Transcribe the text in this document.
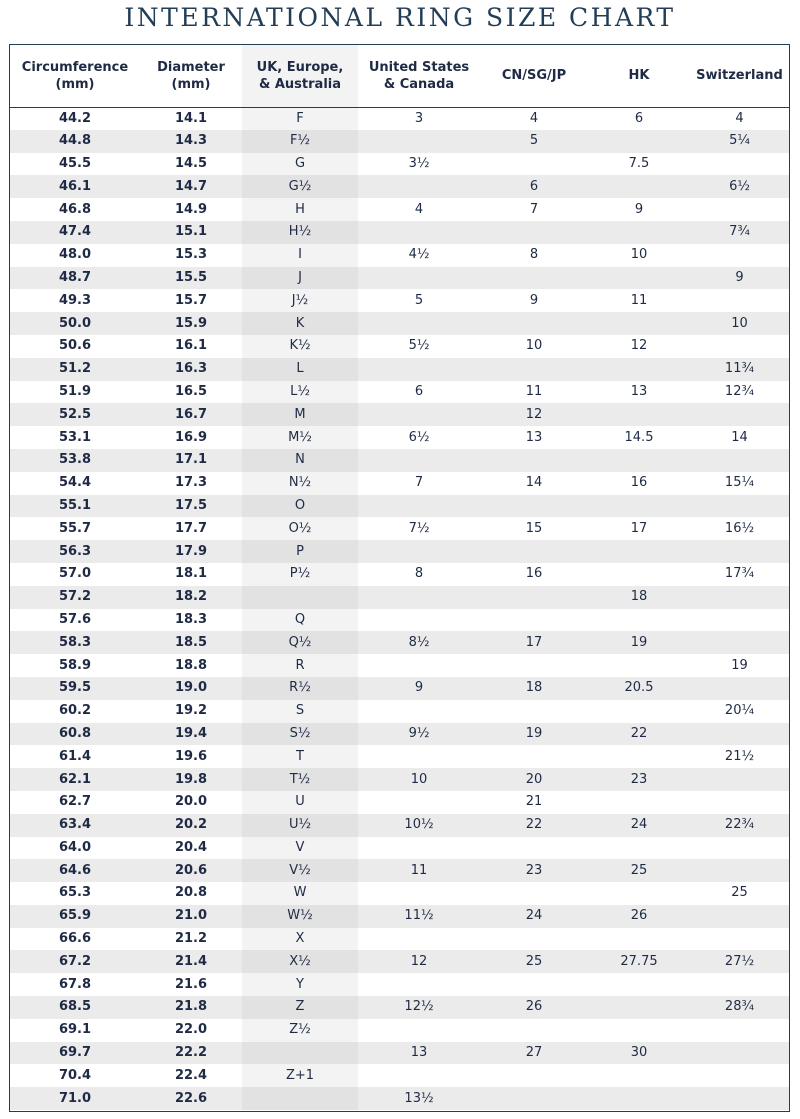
INTERNATIONAL RING SIZE CHART
Circumference
(mm)	Diameter
(mm)	UK, Europe,
& Australia	United States
& Canada	CN/SG/JP	HK	Switzerland
44.2	14.1	F	3	4	6	4
44.8	14.3	F½		5		5¼
45.5	14.5	G	3½		7.5	
46.1	14.7	G½		6		6½
46.8	14.9	H	4	7	9	
47.4	15.1	H½				7¾
48.0	15.3	I	4½	8	10	
48.7	15.5	J				9
49.3	15.7	J½	5	9	11	
50.0	15.9	K				10
50.6	16.1	K½	5½	10	12	
51.2	16.3	L				11¾
51.9	16.5	L½	6	11	13	12¾
52.5	16.7	M		12		
53.1	16.9	M½	6½	13	14.5	14
53.8	17.1	N				
54.4	17.3	N½	7	14	16	15¼
55.1	17.5	O				
55.7	17.7	O½	7½	15	17	16½
56.3	17.9	P				
57.0	18.1	P½	8	16		17¾
57.2	18.2				18	
57.6	18.3	Q				
58.3	18.5	Q½	8½	17	19	
58.9	18.8	R				19
59.5	19.0	R½	9	18	20.5	
60.2	19.2	S				20¼
60.8	19.4	S½	9½	19	22	
61.4	19.6	T				21½
62.1	19.8	T½	10	20	23	
62.7	20.0	U		21		
63.4	20.2	U½	10½	22	24	22¾
64.0	20.4	V				
64.6	20.6	V½	11	23	25	
65.3	20.8	W				25
65.9	21.0	W½	11½	24	26	
66.6	21.2	X				
67.2	21.4	X½	12	25	27.75	27½
67.8	21.6	Y				
68.5	21.8	Z	12½	26		28¾
69.1	22.0	Z½				
69.7	22.2		13	27	30	
70.4	22.4	Z+1				
71.0	22.6		13½			
